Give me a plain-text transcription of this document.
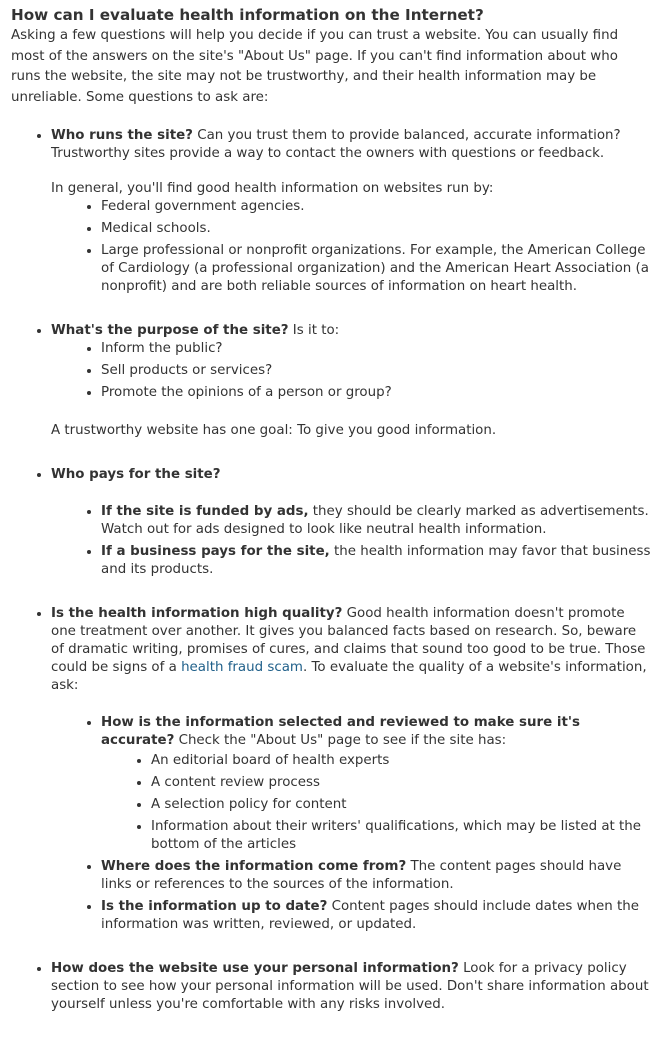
How can I evaluate health information on the Internet?

Asking a few questions will help you decide if you can trust a website. You can usually find most of the answers on the site's "About Us" page. If you can't find information about who runs the website, the site may not be trustworthy, and their health information may be unreliable. Some questions to ask are:

• Who runs the site? Can you trust them to provide balanced, accurate information? Trustworthy sites provide a way to contact the owners with questions or feedback.

In general, you'll find good health information on websites run by:

• Federal government agencies.
• Medical schools.
• Large professional or nonprofit organizations. For example, the American College of Cardiology (a professional organization) and the American Heart Association (a nonprofit) and are both reliable sources of information on heart health.
• What's the purpose of the site? Is it to:
• Inform the public?
• Sell products or services?
• Promote the opinions of a person or group?

A trustworthy website has one goal: To give you good information.

• Who pays for the site?
• If the site is funded by ads, they should be clearly marked as advertisements. Watch out for ads designed to look like neutral health information.
• If a business pays for the site, the health information may favor that business and its products.
• Is the health information high quality? Good health information doesn't promote one treatment over another. It gives you balanced facts based on research. So, beware of dramatic writing, promises of cures, and claims that sound too good to be true. Those could be signs of a health fraud scam. To evaluate the quality of a website's information, ask:
• How is the information selected and reviewed to make sure it's accurate? Check the "About Us" page to see if the site has:
• An editorial board of health experts
• A content review process
• A selection policy for content
• Information about their writers' qualifications, which may be listed at the bottom of the articles
• Where does the information come from? The content pages should have links or references to the sources of the information.
• Is the information up to date? Content pages should include dates when the information was written, reviewed, or updated.
• How does the website use your personal information? Look for a privacy policy section to see how your personal information will be used. Don't share information about yourself unless you're comfortable with any risks involved.
